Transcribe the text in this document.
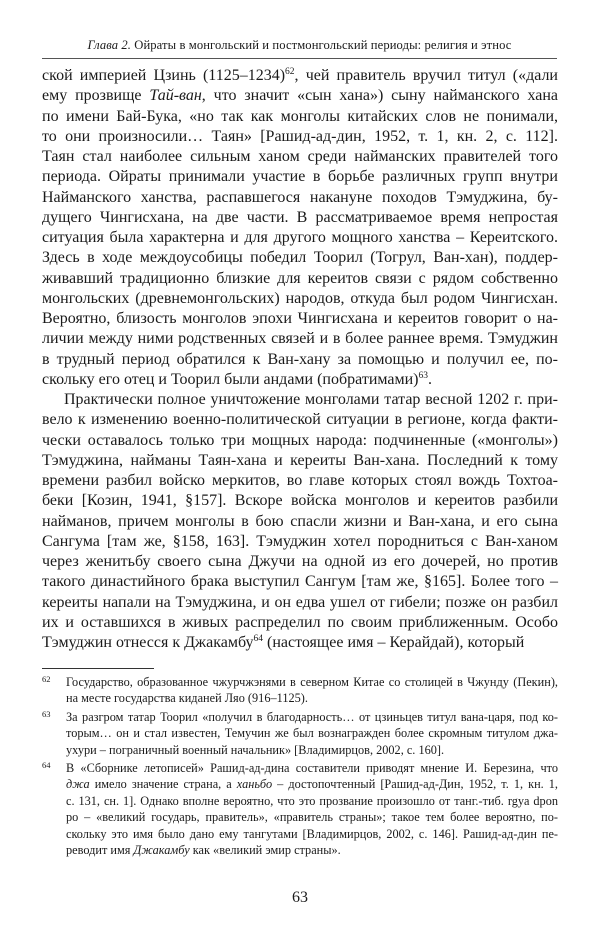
Глава 2. Ойраты в монгольский и постмонгольский периоды: религия и этнос
ской империей Цзинь (1125–1234)$^{62}$, чей правитель вручил титул («дали
ему прозвище Тай-ван, что значит «сын хана») сыну найманского хана
по имени Бай-Бука, «но так как монголы китайских слов не понимали,
то они произносили… Таян» [Рашид-ад-дин, 1952, т. 1, кн. 2, с. 112].
Таян стал наиболее сильным ханом среди найманских правителей того
периода. Ойраты принимали участие в борьбе различных групп внутри
Найманского ханства, распавшегося накануне походов Тэмуджина, бу-
дущего Чингисхана, на две части. В рассматриваемое время непростая
ситуация была характерна и для другого мощного ханства – Кереитского.
Здесь в ходе междоусобицы победил Тоорил (Тогрул, Ван-хан), поддер-
живавший традиционно близкие для кереитов связи с рядом собственно
монгольских (древнемонгольских) народов, откуда был родом Чингисхан.
Вероятно, близость монголов эпохи Чингисхана и кереитов говорит о на-
личии между ними родственных связей и в более раннее время. Тэмуджин
в трудный период обратился к Ван-хану за помощью и получил ее, по-
скольку его отец и Тоорил были андами (побратимами)$^{63}$.
Практически полное уничтожение монголами татар весной 1202 г. при-
вело к изменению военно-политической ситуации в регионе, когда факти-
чески оставалось только три мощных народа: подчиненные («монголы»)
Тэмуджина, найманы Таян-хана и кереиты Ван-хана. Последний к тому
времени разбил войско меркитов, во главе которых стоял вождь Тохтоа-
беки [Козин, 1941, §157]. Вскоре войска монголов и кереитов разбили
найманов, причем монголы в бою спасли жизни и Ван-хана, и его сына
Сангума [там же, §158, 163]. Тэмуджин хотел породниться с Ван-ханом
через женитьбу своего сына Джучи на одной из его дочерей, но против
такого династийного брака выступил Сангум [там же, §165]. Более того –
кереиты напали на Тэмуджина, и он едва ушел от гибели; позже он разбил
их и оставшихся в живых распределил по своим приближенным. Особо
Тэмуджин отнесся к Джакамбу$^{64}$ (настоящее имя – Керайдай), который
62 Государство, образованное чжурчжэнями в северном Китае со столицей в Чжунду (Пекин),
на месте государства киданей Ляо (916–1125).
63 За разгром татар Тоорил «получил в благодарность… от цзиньцев титул вана-царя, под ко-
торым… он и стал известен, Темучин же был вознагражден более скромным титулом джа-
ухури – пограничный военный начальник» [Владимирцов, 2002, с. 160].
64 В «Сборнике летописей» Рашид-ад-дина составители приводят мнение И. Березина, что
джа имело значение страна, а ханьбо – достопочтенный [Рашид-ад-Дин, 1952, т. 1, кн. 1,
с. 131, сн. 1]. Однако вполне вероятно, что это прозвание произошло от танг.-тиб. rgya dpon
po – «великий государь, правитель», «правитель страны»; такое тем более вероятно, по-
скольку это имя было дано ему тангутами [Владимирцов, 2002, с. 146]. Рашид-ад-дин пе-
реводит имя Джакамбу как «великий эмир страны».
63
